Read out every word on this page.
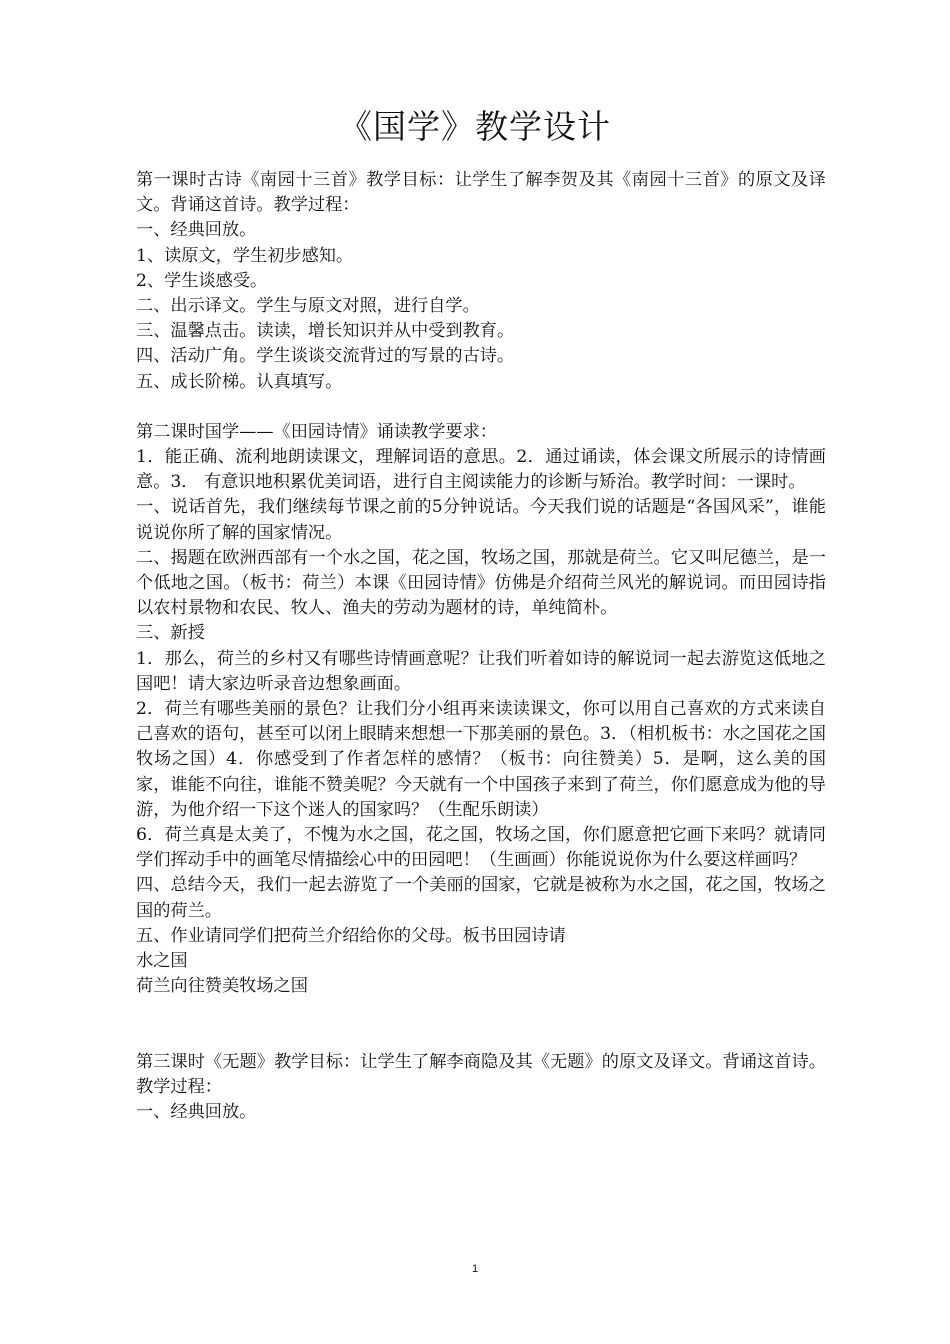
《国学》教学设计

第一课时古诗《南园十三首》教学目标：让学生了解李贺及其《南园十三首》的原文及译文。背诵这首诗。教学过程：

一、经典回放。

1、读原文，学生初步感知。

2、学生谈感受。

二、出示译文。学生与原文对照，进行自学。

三、温馨点击。读读，增长知识并从中受到教育。

四、活动广角。学生谈谈交流背过的写景的古诗。

五、成长阶梯。认真填写。

第二课时国学——《田园诗情》诵读教学要求：

1．能正确、流利地朗读课文，理解词语的意思。2．通过诵读，体会课文所展示的诗情画意。3． 有意识地积累优美词语，进行自主阅读能力的诊断与矫治。教学时间：一课时。

一、说话首先，我们继续每节课之前的5分钟说话。今天我们说的话题是“各国风采”，谁能说说你所了解的国家情况。

二、揭题在欧洲西部有一个水之国，花之国，牧场之国，那就是荷兰。它又叫尼德兰，是一个低地之国。（板书：荷兰）本课《田园诗情》仿佛是介绍荷兰风光的解说词。而田园诗指以农村景物和农民、牧人、渔夫的劳动为题材的诗，单纯简朴。

三、新授

1．那么，荷兰的乡村又有哪些诗情画意呢？让我们听着如诗的解说词一起去游览这低地之国吧！请大家边听录音边想象画面。

2．荷兰有哪些美丽的景色？让我们分小组再来读读课文，你可以用自己喜欢的方式来读自己喜欢的语句，甚至可以闭上眼睛来想想一下那美丽的景色。3．（相机板书：水之国花之国牧场之国）4．你感受到了作者怎样的感情？（板书：向往赞美）5．是啊，这么美的国家，谁能不向往，谁能不赞美呢？今天就有一个中国孩子来到了荷兰，你们愿意成为他的导游，为他介绍一下这个迷人的国家吗？（生配乐朗读）

6．荷兰真是太美了，不愧为水之国，花之国，牧场之国，你们愿意把它画下来吗？就请同学们挥动手中的画笔尽情描绘心中的田园吧！（生画画）你能说说你为什么要这样画吗？

四、总结今天，我们一起去游览了一个美丽的国家，它就是被称为水之国，花之国，牧场之国的荷兰。

五、作业请同学们把荷兰介绍给你的父母。板书田园诗请

水之国

荷兰向往赞美牧场之国

第三课时《无题》教学目标：让学生了解李商隐及其《无题》的原文及译文。背诵这首诗。教学过程：

一、经典回放。

1
